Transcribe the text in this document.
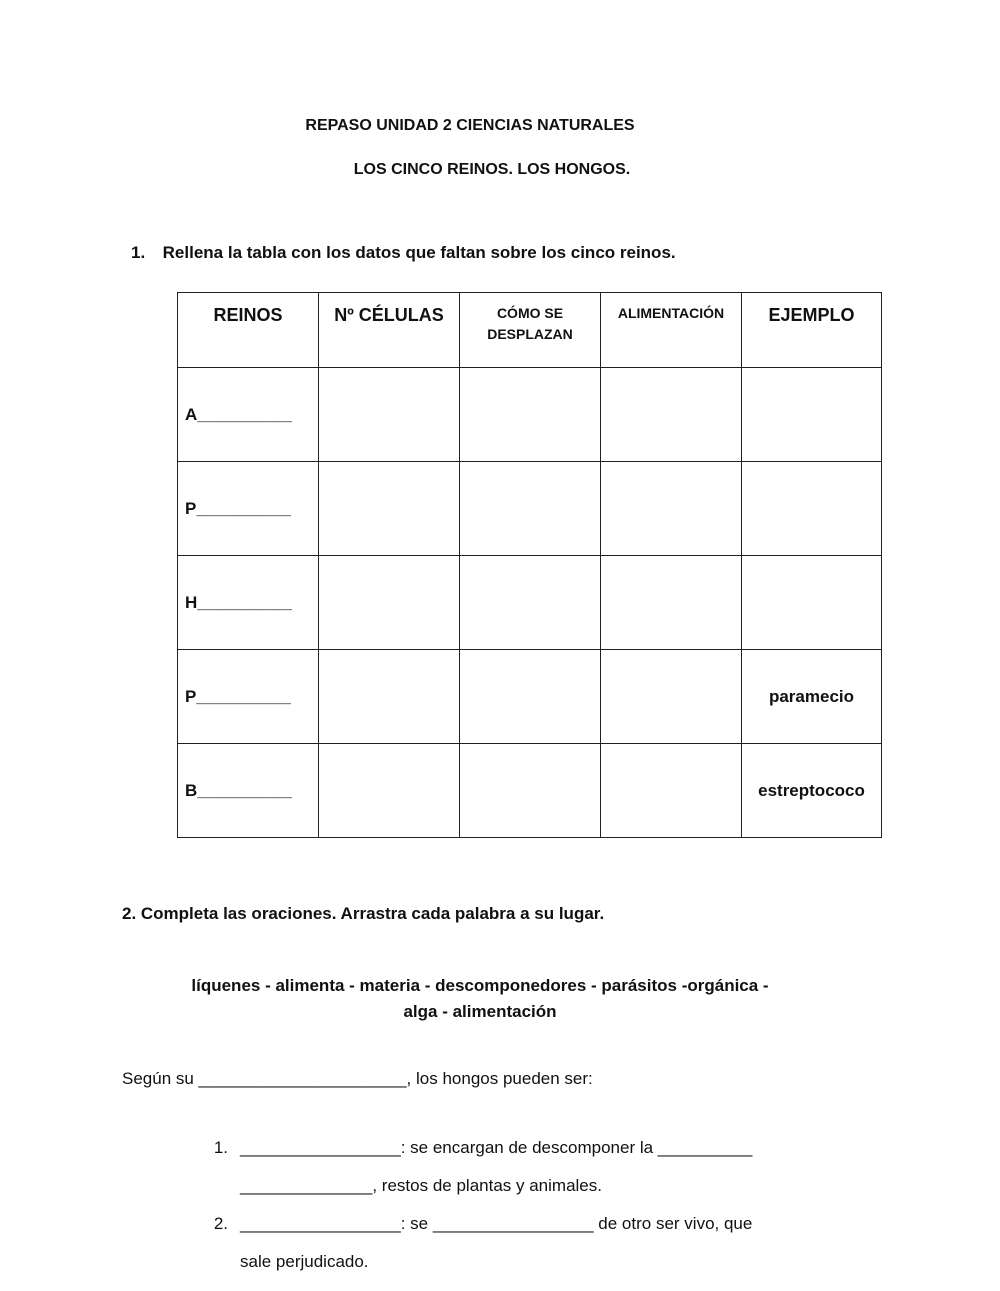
REPASO UNIDAD 2 CIENCIAS NATURALES
LOS CINCO REINOS. LOS HONGOS.
1. Rellena la tabla con los datos que faltan sobre los cinco reinos.
REINOS	Nº CÉLULAS	CÓMO SE DESPLAZAN	ALIMENTACIÓN	EJEMPLO
A__________				
P__________				
H__________				
P__________				paramecio
B__________				estreptococo
2. Completa las oraciones. Arrastra cada palabra a su lugar.
líquenes - alimenta - materia - descomponedores - parásitos -orgánica -
alga - alimentación
Según su ______________________, los hongos pueden ser:
1. _________________: se encargan de descomponer la __________
______________, restos de plantas y animales.
2. _________________: se _________________ de otro ser vivo, que
sale perjudicado.
